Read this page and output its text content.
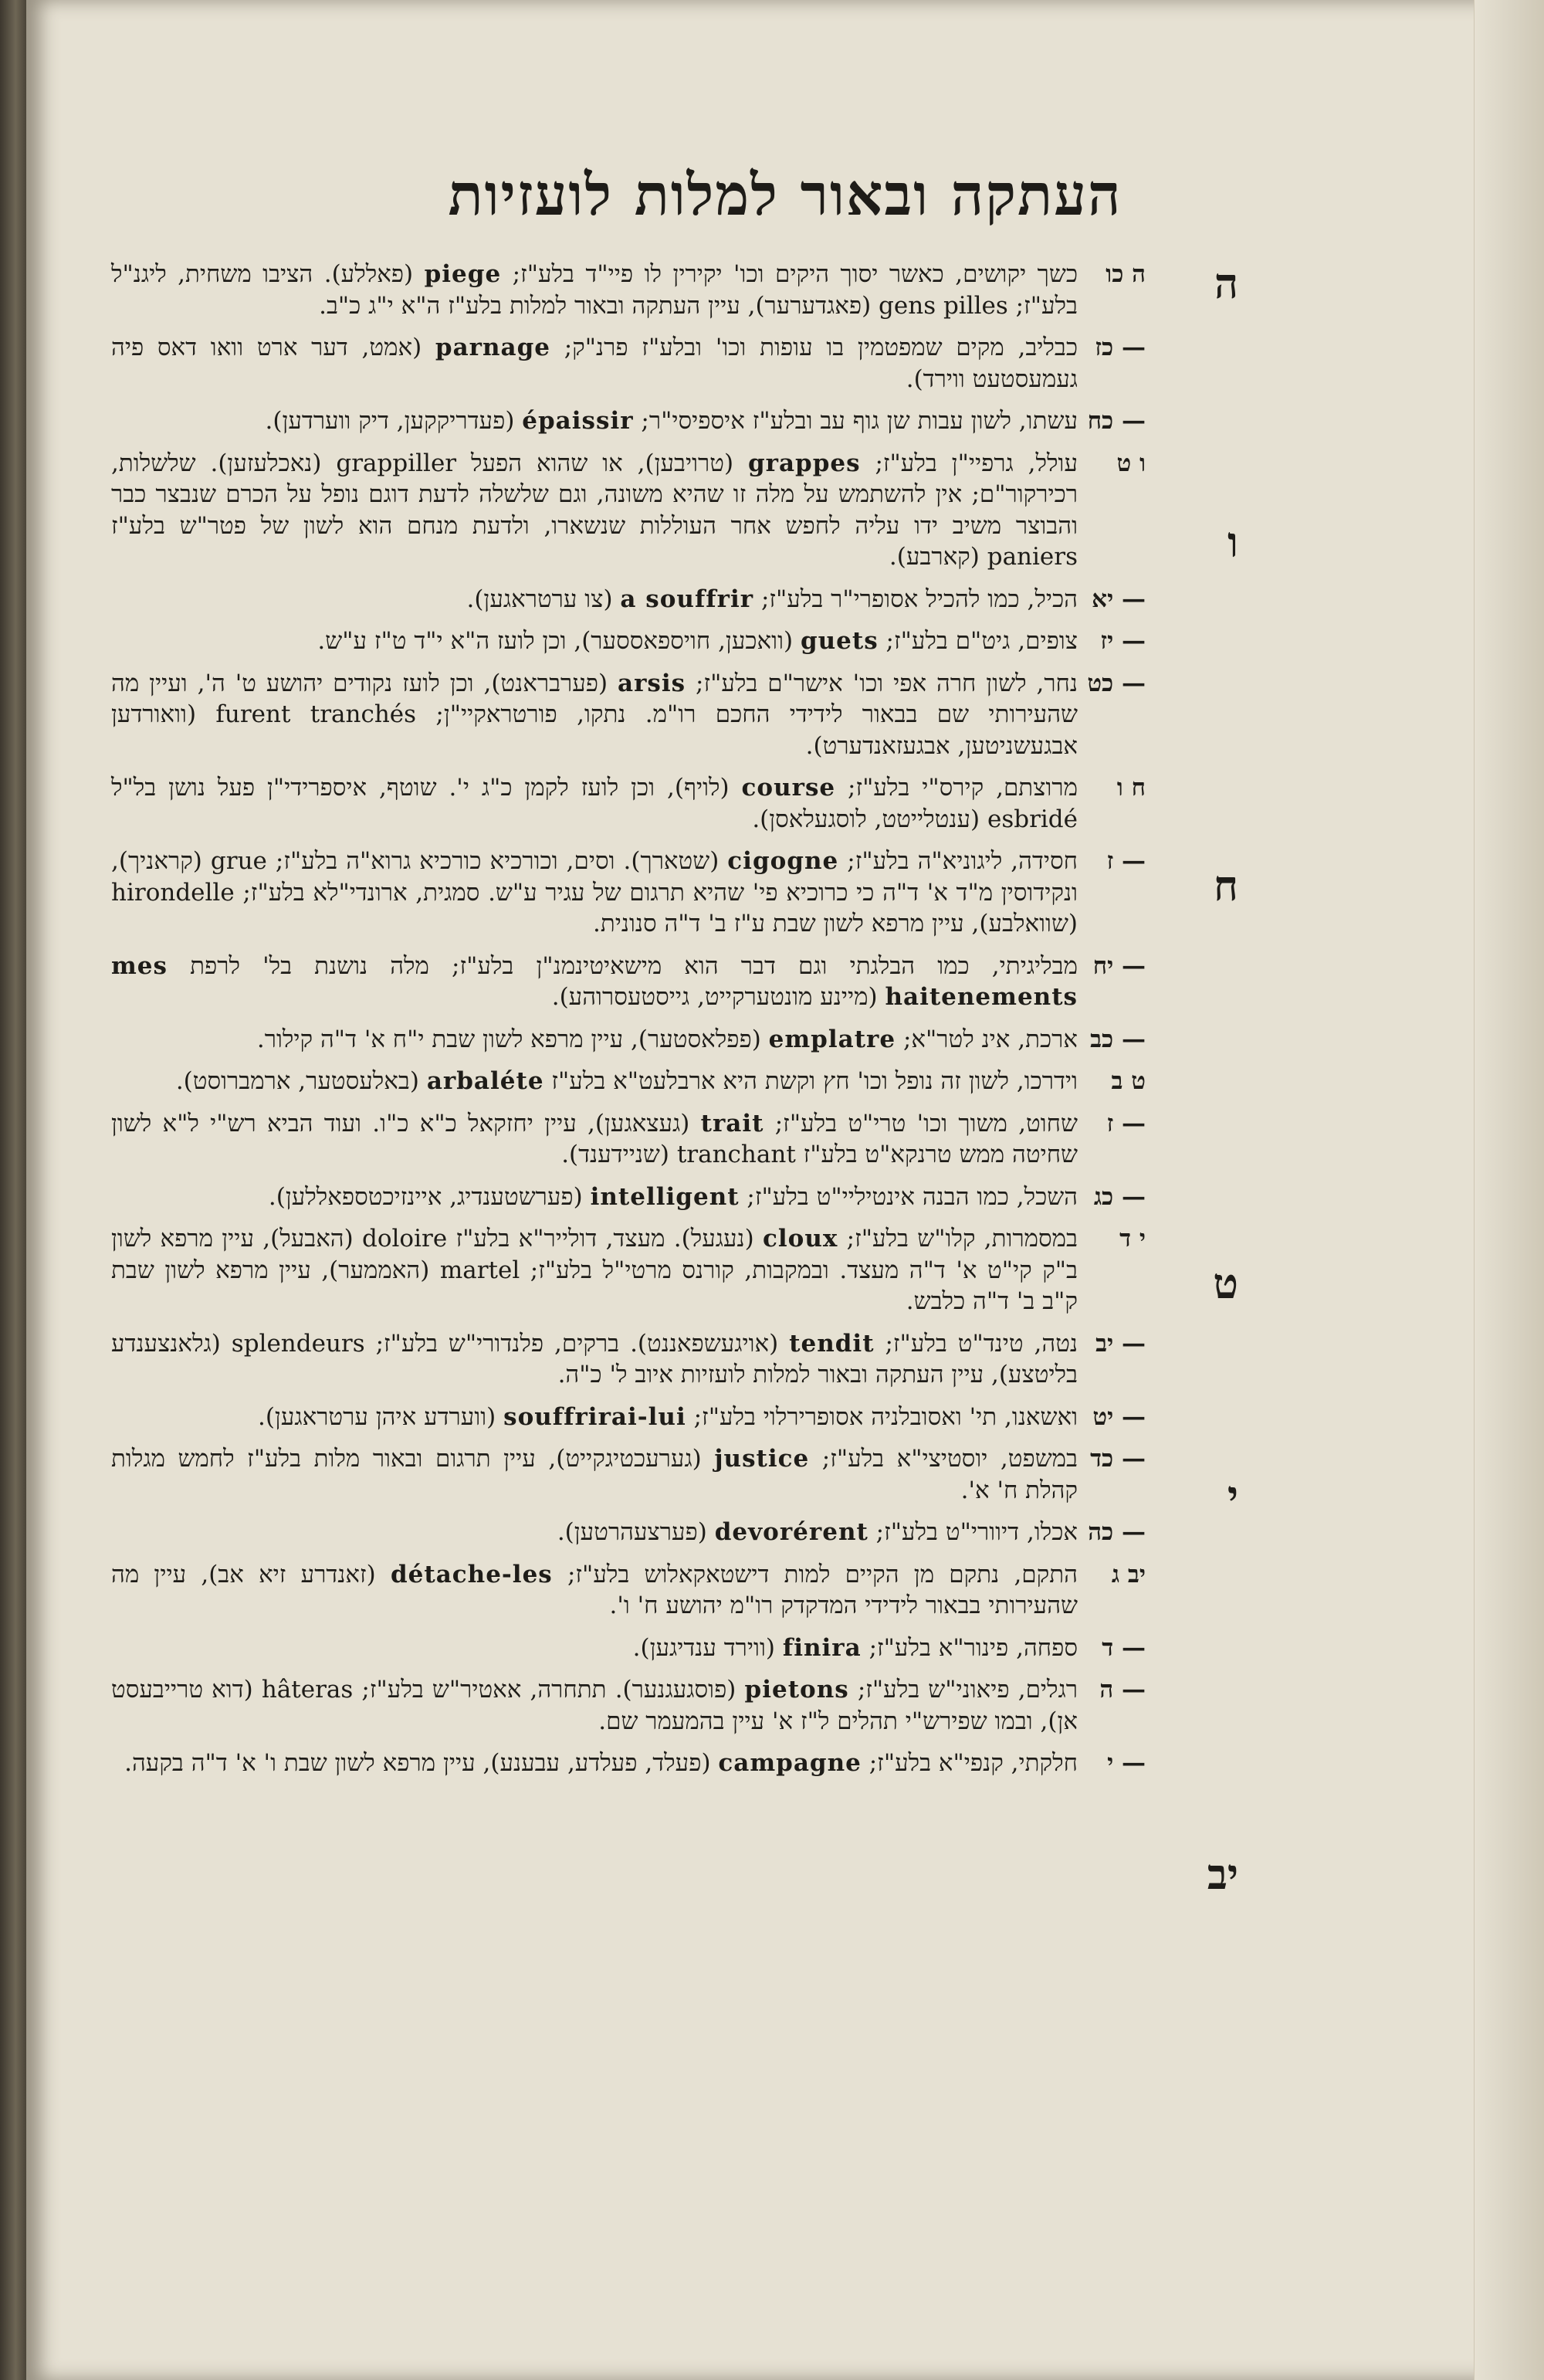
העתקה ובאור למלות לועזיות
ה כו
כשך יקושים, כאשר יסוך היקים וכו' יקירין לו פיי"ד בלע"ז; piege (פאללע). הציבו משחית, ליגנ"ל בלע"ז; gens pilles (פאגדערער), עיין העתקה ובאור למלות בלע"ז ה"א י"ג כ"ב.
— כז
כבליב, מקים שמפטמין בו עופות וכו' ובלע"ז פרנ"ק; parnage (אמט, דער ארט וואו דאס פיה געמעסטעט ווירד).
— כח
עשתו, לשון עבות שן גוף עב ובלע"ז איספיסי"ר; épaissir (פעדריקקען, דיק ווערדען).
ו ט
עולל, גרפיי"ן בלע"ז; grappes (טרויבען), או שהוא הפעל grappiller (נאכלעזען). שלשלות, רכירקור"ם; אין להשתמש על מלה זו שהיא משונה, וגם שלשלה לדעת דוגם נופל על הכרם שנבצר כבר והבוצר משיב ידו עליה לחפש אחר העוללות שנשארו, ולדעת מנחם הוא לשון של פטר"ש בלע"ז paniers (קארבע).
— יא
הכיל, כמו להכיל אסופרי"ר בלע"ז; a souffrir (צו ערטראגען).
— יז
צופים, גיט"ם בלע"ז; guets (וואכען, חויספאססער), וכן לועז ה"א י"ד ט"ז ע"ש.
— כט
נחר, לשון חרה אפי וכו' אישר"ם בלע"ז; arsis (פערבראנט), וכן לועז נקודים יהושע ט' ה', ועיין מה שהעירותי שם בבאור לידידי החכם רו"מ. נתקו, פורטראקיי"ן; furent tranchés (וואורדען אבגעשניטען, אבגעזאנדערט).
ח ו
מרוצתם, קירס"י בלע"ז; course (לויף), וכן לועז לקמן כ"ג י'. שוטף, איספרידי"ן פעל נושן בל"ל esbridé (ענטלייטט, לוסגעלאסן).
— ז
חסידה, ליגוניא"ה בלע"ז; cigogne (שטארך). וסים, וכורכיא כורכיא גרוא"ה בלע"ז; grue (קראניך), ונקידוסין מ"ד א' ד"ה כי כרוכיא פי' שהיא תרגום של עגיר ע"ש. סמגית, ארונדי"לא בלע"ז; hirondelle (שוואלבע), עיין מרפא לשון שבת ע"ז ב' ד"ה סנונית.
— יח
מבליגיתי, כמו הבלגתי וגם דבר הוא מישאיטינמנ"ן בלע"ז; מלה נושנת בל' לרפת mes haitenements (מיינע מונטערקייט, גייסטעסרוהע).
— כב
ארכת, אינ לטר"א; emplatre (פפלאסטער), עיין מרפא לשון שבת י"ח א' ד"ה קילור.
ט ב
וידרכו, לשון זה נופל וכו' חץ וקשת היא ארבלעט"א בלע"ז arbaléte (באלעסטער, ארמברוסט).
— ז
שחוט, משוך וכו' טרי"ט בלע"ז; trait (געצאגען), עיין יחזקאל כ"א כ"ו. ועוד הביא רש"י ל"א לשון שחיטה ממש טרנקא"ט בלע"ז tranchant (שניידענד).
— כג
השכל, כמו הבנה אינטיליי"ט בלע"ז; intelligent (פערשטענדיג, איינזיכטספאללען).
י ד
במסמרות, קלו"ש בלע"ז; cloux (נעגעל). מעצד, דולייר"א בלע"ז doloire (האבעל), עיין מרפא לשון ב"ק קי"ט א' ד"ה מעצד. ובמקבות, קורנס מרטי"ל בלע"ז; martel (האממער), עיין מרפא לשון שבת ק"ב ב' ד"ה כלבש.
— יב
נטה, טינד"ט בלע"ז; tendit (אויגעשפאננט). ברקים, פלנדורי"ש בלע"ז; splendeurs (גלאנצענדע בליטצע), עיין העתקה ובאור למלות לועזיות איוב ל' כ"ה.
— יט
ואשאנו, תי' ואסובלניה אסופרירלוי בלע"ז; souffrirai-lui (ווערדע איהן ערטראגען).
— כד
במשפט, יוסטיצי"א בלע"ז; justice (גערעכטיגקייט), עיין תרגום ובאור מלות בלע"ז לחמש מגלות קהלת ח' א'.
— כה
אכלו, דיוורי"ט בלע"ז; devorérent (פערצעהרטען).
יב ג
התקם, נתקם מן הקיים למות דישטאקאלוש בלע"ז; détache-les (זאנדרע זיא אב), עיין מה שהעירותי בבאור לידידי המדקדק רו"מ יהושע ח' ו'.
— ד
ספחה, פינור"א בלע"ז; finira (ווירד ענדיגען).
— ה
רגלים, פיאוני"ש בלע"ז; pietons (פוסגעגנער). תתחרה, אאטיר"ש בלע"ז; hâteras (דוא טרייבעסט אן), ובמו שפירש"י תהלים ל"ז א' עיין בהמעמר שם.
— י
חלקתי, קנפי"א בלע"ז; campagne (פעלד, פעלדע, עבענע), עיין מרפא לשון שבת ו' א' ד"ה בקעה.
ה
ו
ח
ט
י
יב
